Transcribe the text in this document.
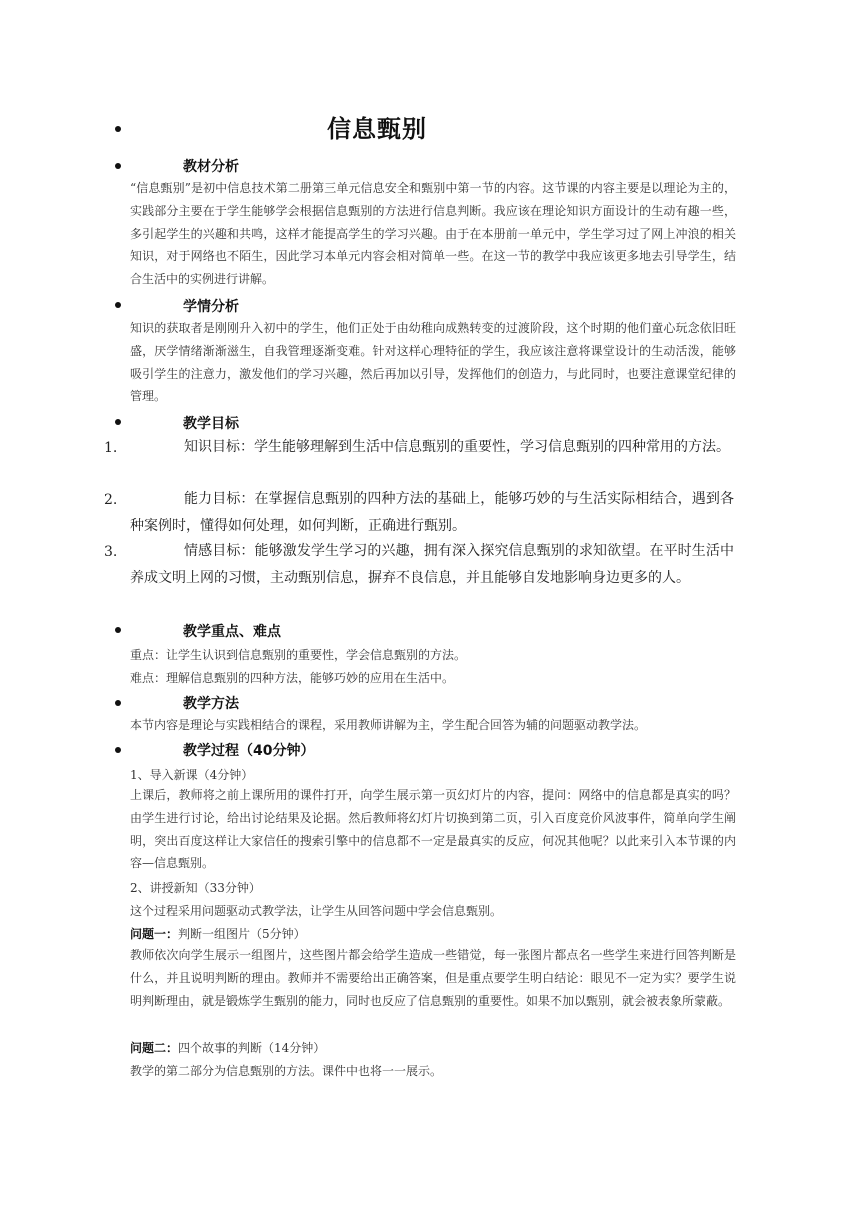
信息甄别
教材分析
“信息甄别”是初中信息技术第二册第三单元信息安全和甄别中第一节的内容。这节课的内容主要是以理论为主的，实践部分主要在于学生能够学会根据信息甄别的方法进行信息判断。我应该在理论知识方面设计的生动有趣一些，多引起学生的兴趣和共鸣，这样才能提高学生的学习兴趣。由于在本册前一单元中，学生学习过了网上冲浪的相关知识，对于网络也不陌生，因此学习本单元内容会相对简单一些。在这一节的教学中我应该更多地去引导学生，结合生活中的实例进行讲解。
学情分析
知识的获取者是刚刚升入初中的学生，他们正处于由幼稚向成熟转变的过渡阶段，这个时期的他们童心玩念依旧旺盛，厌学情绪渐渐滋生，自我管理逐渐变难。针对这样心理特征的学生，我应该注意将课堂设计的生动活泼，能够吸引学生的注意力，激发他们的学习兴趣，然后再加以引导，发挥他们的创造力，与此同时，也要注意课堂纪律的管理。
教学目标
1.	知识目标：学生能够理解到生活中信息甄别的重要性，学习信息甄别的四种常用的方法。
2.	能力目标：在掌握信息甄别的四种方法的基础上，能够巧妙的与生活实际相结合，遇到各种案例时，懂得如何处理，如何判断，正确进行甄别。
3.	情感目标：能够激发学生学习的兴趣，拥有深入探究信息甄别的求知欲望。在平时生活中养成文明上网的习惯，主动甄别信息，摒弃不良信息，并且能够自发地影响身边更多的人。
教学重点、难点
重点：让学生认识到信息甄别的重要性，学会信息甄别的方法。
难点：理解信息甄别的四种方法，能够巧妙的应用在生活中。
教学方法
本节内容是理论与实践相结合的课程，采用教师讲解为主，学生配合回答为辅的问题驱动教学法。
教学过程（40分钟）
1、导入新课（4分钟）
上课后，教师将之前上课所用的课件打开，向学生展示第一页幻灯片的内容，提问：网络中的信息都是真实的吗？由学生进行讨论，给出讨论结果及论据。然后教师将幻灯片切换到第二页，引入百度竞价风波事件，简单向学生阐明，突出百度这样让大家信任的搜索引擎中的信息都不一定是最真实的反应，何况其他呢？以此来引入本节课的内容—信息甄别。
2、讲授新知（33分钟）
这个过程采用问题驱动式教学法，让学生从回答问题中学会信息甄别。
问题一：判断一组图片（5分钟）
教师依次向学生展示一组图片，这些图片都会给学生造成一些错觉，每一张图片都点名一些学生来进行回答判断是什么，并且说明判断的理由。教师并不需要给出正确答案，但是重点要学生明白结论：眼见不一定为实？要学生说明判断理由，就是锻炼学生甄别的能力，同时也反应了信息甄别的重要性。如果不加以甄别，就会被表象所蒙蔽。
问题二：四个故事的判断（14分钟）
教学的第二部分为信息甄别的方法。课件中也将一一展示。
